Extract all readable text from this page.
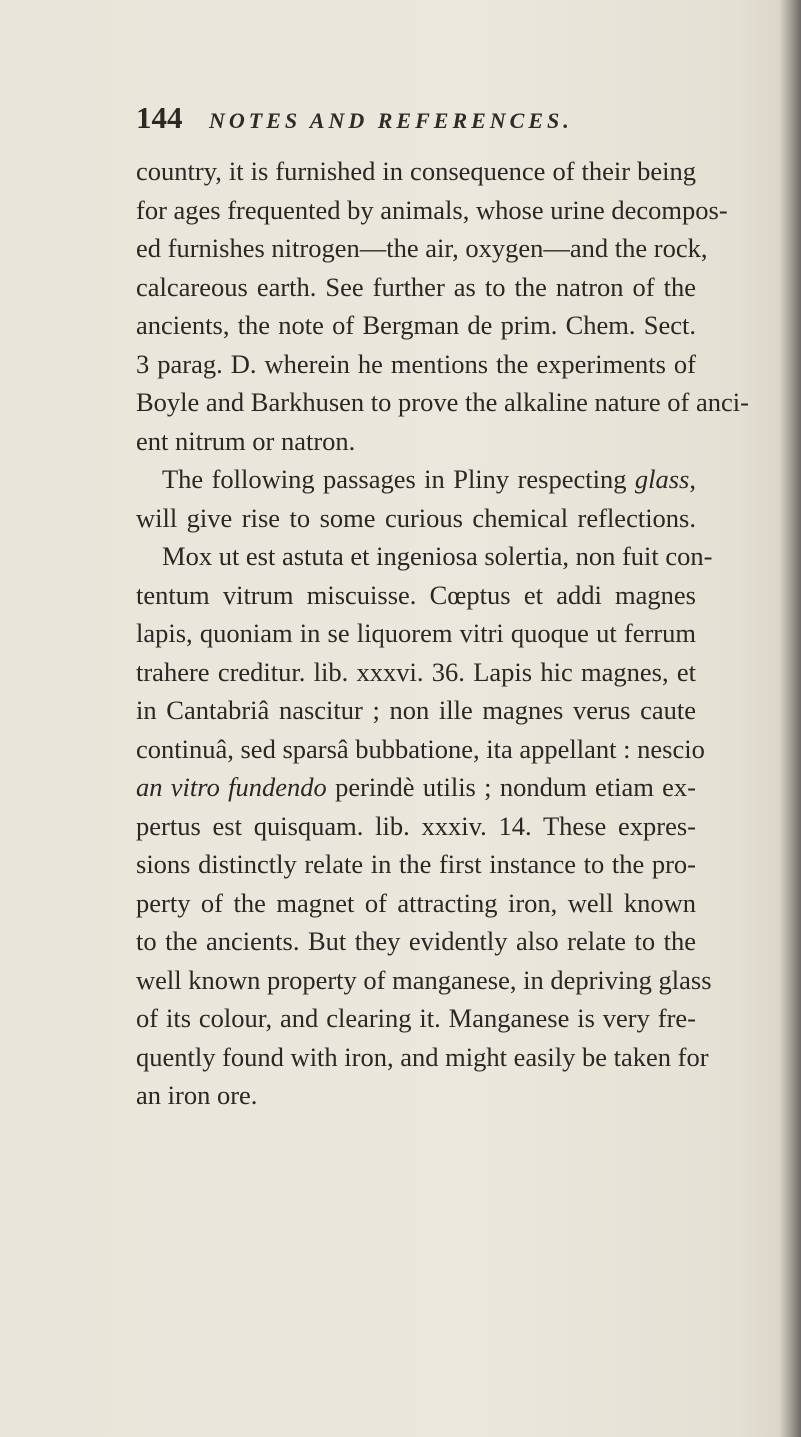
144 NOTES AND REFERENCES.
country, it is furnished in consequence of their being
for ages frequented by animals, whose urine decompos-
ed furnishes nitrogen—the air, oxygen—and the rock,
calcareous earth. See further as to the natron of the
ancients, the note of Bergman de prim. Chem. Sect.
3 parag. D. wherein he mentions the experiments of
Boyle and Barkhusen to prove the alkaline nature of anci-
ent nitrum or natron.
The following passages in Pliny respecting glass,
will give rise to some curious chemical reflections.
Mox ut est astuta et ingeniosa solertia, non fuit con-
tentum vitrum miscuisse. Cœptus et addi magnes
lapis, quoniam in se liquorem vitri quoque ut ferrum
trahere creditur. lib. xxxvi. 36. Lapis hic magnes, et
in Cantabriâ nascitur ; non ille magnes verus caute
continuâ, sed sparsâ bubbatione, ita appellant : nescio
an vitro fundendo perindè utilis ; nondum etiam ex-
pertus est quisquam. lib. xxxiv. 14. These expres-
sions distinctly relate in the first instance to the pro-
perty of the magnet of attracting iron, well known
to the ancients. But they evidently also relate to the
well known property of manganese, in depriving glass
of its colour, and clearing it. Manganese is very fre-
quently found with iron, and might easily be taken for
an iron ore.
